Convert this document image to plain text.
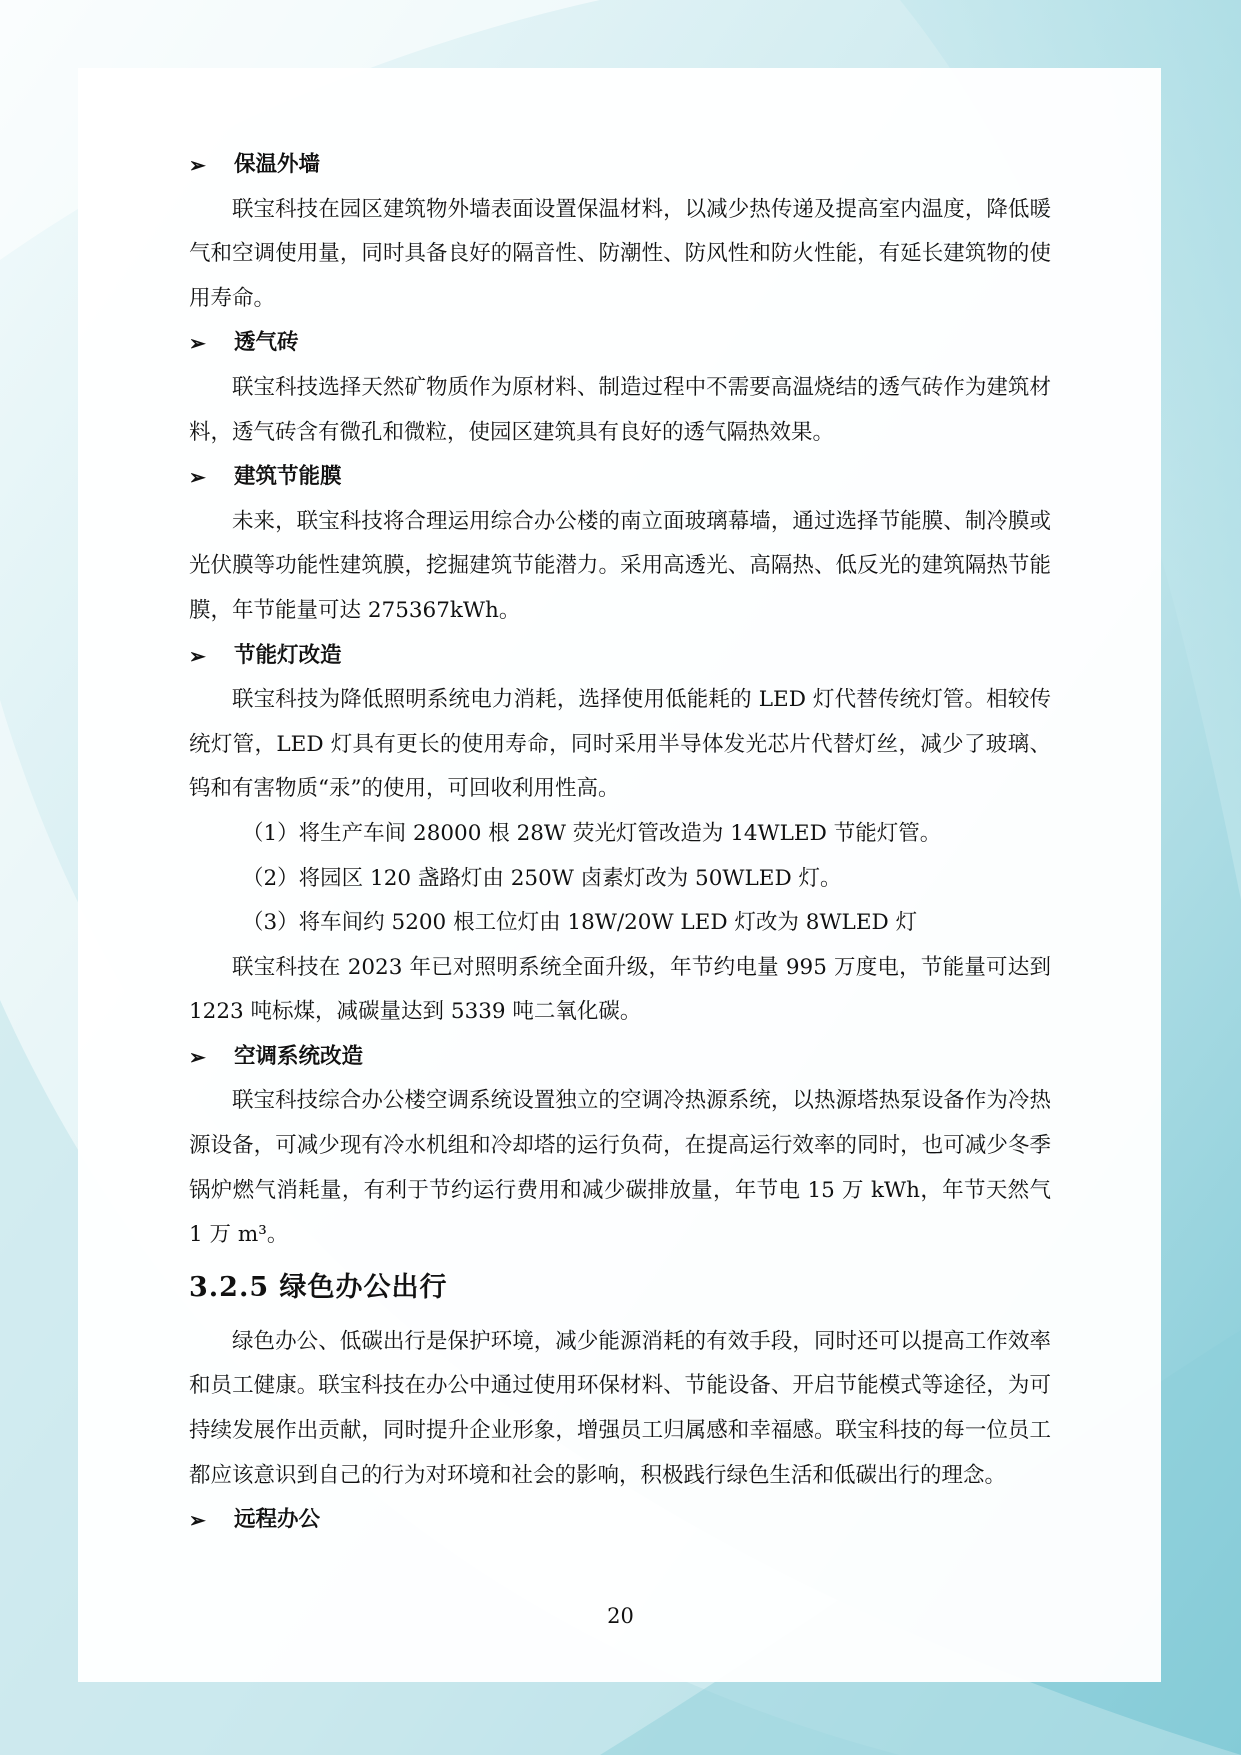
➢ 保温外墙

联宝科技在园区建筑物外墙表面设置保温材料，以减少热传递及提高室内温度，降低暖气和空调使用量，同时具备良好的隔音性、防潮性、防风性和防火性能，有延长建筑物的使用寿命。

➢ 透气砖

联宝科技选择天然矿物质作为原材料、制造过程中不需要高温烧结的透气砖作为建筑材料，透气砖含有微孔和微粒，使园区建筑具有良好的透气隔热效果。

➢ 建筑节能膜

未来，联宝科技将合理运用综合办公楼的南立面玻璃幕墙，通过选择节能膜、制冷膜或光伏膜等功能性建筑膜，挖掘建筑节能潜力。采用高透光、高隔热、低反光的建筑隔热节能膜，年节能量可达 275367kWh。

➢ 节能灯改造

联宝科技为降低照明系统电力消耗，选择使用低能耗的 LED 灯代替传统灯管。相较传统灯管，LED 灯具有更长的使用寿命，同时采用半导体发光芯片代替灯丝，减少了玻璃、钨和有害物质“汞”的使用，可回收利用性高。

（1）将生产车间 28000 根 28W 荧光灯管改造为 14WLED 节能灯管。

（2）将园区 120 盏路灯由 250W 卤素灯改为 50WLED 灯。

（3）将车间约 5200 根工位灯由 18W/20W LED 灯改为 8WLED 灯

联宝科技在 2023 年已对照明系统全面升级，年节约电量 995 万度电，节能量可达到 1223 吨标煤，减碳量达到 5339 吨二氧化碳。

➢ 空调系统改造

联宝科技综合办公楼空调系统设置独立的空调冷热源系统，以热源塔热泵设备作为冷热源设备，可减少现有冷水机组和冷却塔的运行负荷，在提高运行效率的同时，也可减少冬季锅炉燃气消耗量，有利于节约运行费用和减少碳排放量，年节电 15 万 kWh，年节天然气 1 万 m³。

3.2.5 绿色办公出行

绿色办公、低碳出行是保护环境，减少能源消耗的有效手段，同时还可以提高工作效率和员工健康。联宝科技在办公中通过使用环保材料、节能设备、开启节能模式等途径，为可持续发展作出贡献，同时提升企业形象，增强员工归属感和幸福感。联宝科技的每一位员工都应该意识到自己的行为对环境和社会的影响，积极践行绿色生活和低碳出行的理念。

➢ 远程办公
20
